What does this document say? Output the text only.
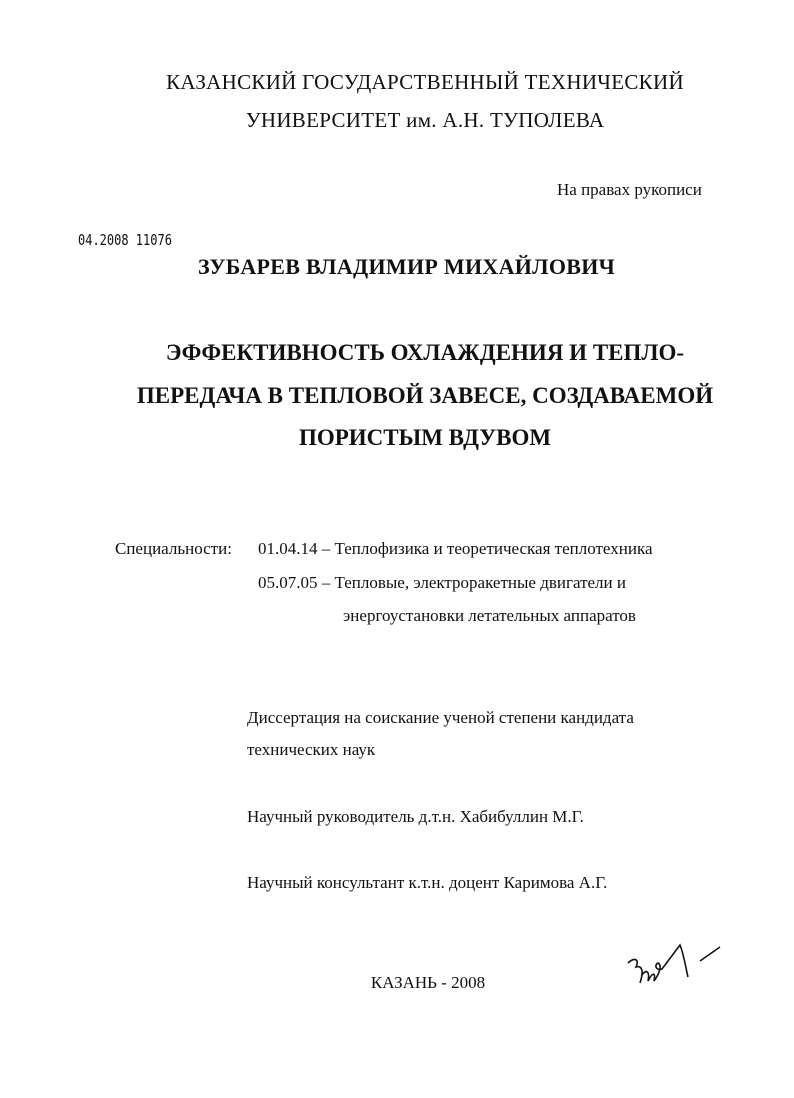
КАЗАНСКИЙ ГОСУДАРСТВЕННЫЙ ТЕХНИЧЕСКИЙ
УНИВЕРСИТЕТ им. А.Н. ТУПОЛЕВА
На правах рукописи
04.2008 11076
ЗУБАРЕВ ВЛАДИМИР МИХАЙЛОВИЧ
ЭФФЕКТИВНОСТЬ ОХЛАЖДЕНИЯ И ТЕПЛО-
ПЕРЕДАЧА В ТЕПЛОВОЙ ЗАВЕСЕ, СОЗДАВАЕМОЙ
ПОРИСТЫМ ВДУВОМ
Специальности: 01.04.14 – Теплофизика и теоретическая теплотехника
05.07.05 – Тепловые, электроракетные двигатели и
энергоустановки летательных аппаратов
Диссертация на соискание ученой степени кандидата
технических наук
Научный руководитель д.т.н. Хабибуллин М.Г.
Научный консультант к.т.н. доцент Каримова А.Г.
КАЗАНЬ - 2008
